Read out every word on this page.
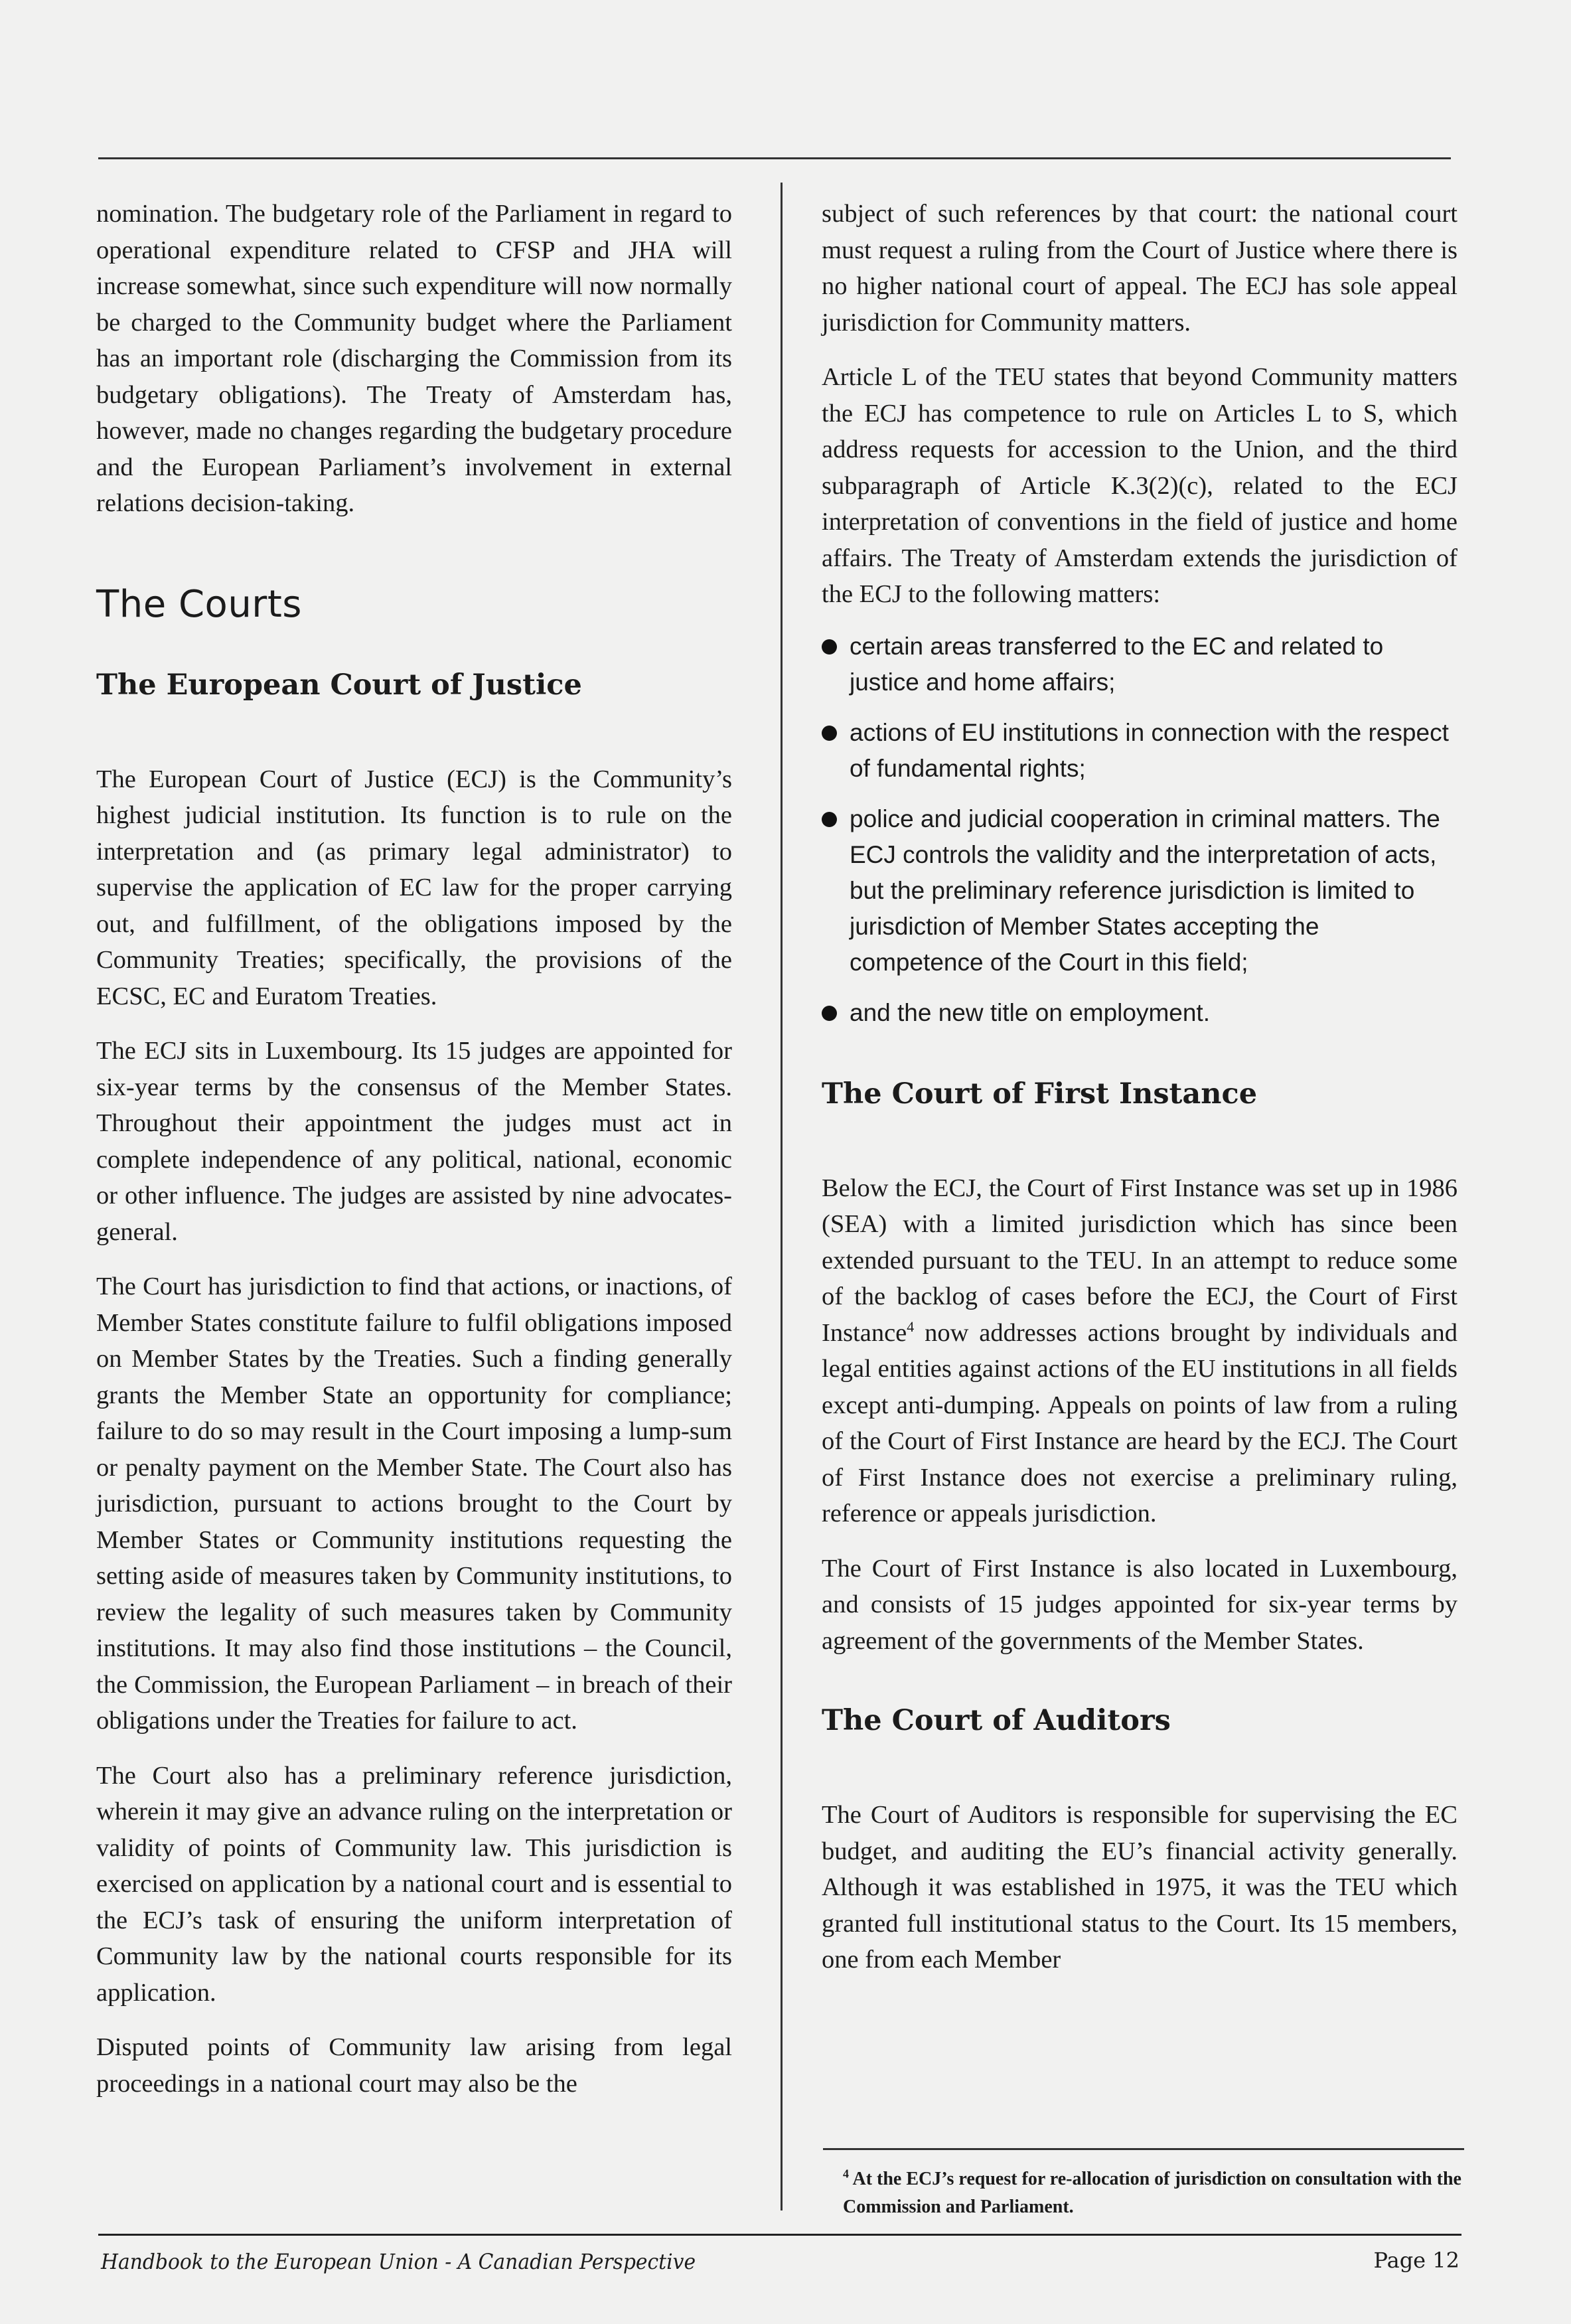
nomination. The budgetary role of the Parliament in regard to operational expenditure related to CFSP and JHA will increase somewhat, since such expenditure will now normally be charged to the Community budget where the Parliament has an important role (discharging the Commission from its budgetary obligations). The Treaty of Amsterdam has, however, made no changes regarding the budgetary procedure and the European Parliament’s involvement in external relations decision-taking.

The Courts
The European Court of Justice

The European Court of Justice (ECJ) is the Community’s highest judicial institution. Its function is to rule on the interpretation and (as primary legal administrator) to supervise the application of EC law for the proper carrying out, and fulfillment, of the obligations imposed by the Community Treaties; specifically, the provisions of the ECSC, EC and Euratom Treaties.

The ECJ sits in Luxembourg. Its 15 judges are appointed for six-year terms by the consensus of the Member States. Throughout their appointment the judges must act in complete independence of any political, national, economic or other influence. The judges are assisted by nine advocates-general.

The Court has jurisdiction to find that actions, or inactions, of Member States constitute failure to fulfil obligations imposed on Member States by the Treaties. Such a finding generally grants the Member State an opportunity for compliance; failure to do so may result in the Court imposing a lump-sum or penalty payment on the Member State. The Court also has jurisdiction, pursuant to actions brought to the Court by Member States or Community institutions requesting the setting aside of measures taken by Community institutions, to review the legality of such measures taken by Community institutions. It may also find those institutions – the Council, the Commission, the European Parliament – in breach of their obligations under the Treaties for failure to act.

The Court also has a preliminary reference jurisdiction, wherein it may give an advance ruling on the interpretation or validity of points of Community law. This jurisdiction is exercised on application by a national court and is essential to the ECJ’s task of ensuring the uniform interpretation of Community law by the national courts responsible for its application.

Disputed points of Community law arising from legal proceedings in a national court may also be the

subject of such references by that court: the national court must request a ruling from the Court of Justice where there is no higher national court of appeal. The ECJ has sole appeal jurisdiction for Community matters.

Article L of the TEU states that beyond Community matters the ECJ has competence to rule on Articles L to S, which address requests for accession to the Union, and the third subparagraph of Article K.3(2)(c), related to the ECJ interpretation of conventions in the field of justice and home affairs. The Treaty of Amsterdam extends the jurisdiction of the ECJ to the following matters:

certain areas transferred to the EC and related to justice and home affairs;
actions of EU institutions in connection with the respect of fundamental rights;
police and judicial cooperation in criminal matters. The ECJ controls the validity and the interpretation of acts, but the preliminary reference jurisdiction is limited to jurisdiction of Member States accepting the competence of the Court in this field;
and the new title on employment.
The Court of First Instance

Below the ECJ, the Court of First Instance was set up in 1986 (SEA) with a limited jurisdiction which has since been extended pursuant to the TEU. In an attempt to reduce some of the backlog of cases before the ECJ, the Court of First Instance$^4$ now addresses actions brought by individuals and legal entities against actions of the EU institutions in all fields except anti-dumping. Appeals on points of law from a ruling of the Court of First Instance are heard by the ECJ. The Court of First Instance does not exercise a preliminary ruling, reference or appeals jurisdiction.

The Court of First Instance is also located in Luxembourg, and consists of 15 judges appointed for six-year terms by agreement of the governments of the Member States.

The Court of Auditors

The Court of Auditors is responsible for supervising the EC budget, and auditing the EU’s financial activity generally. Although it was established in 1975, it was the TEU which granted full institutional status to the Court. Its 15 members, one from each Member

$^4$ At the ECJ’s request for re-allocation of jurisdiction on consultation with the Commission and Parliament.
Handbook to the European Union - A Canadian Perspective	Page 12
